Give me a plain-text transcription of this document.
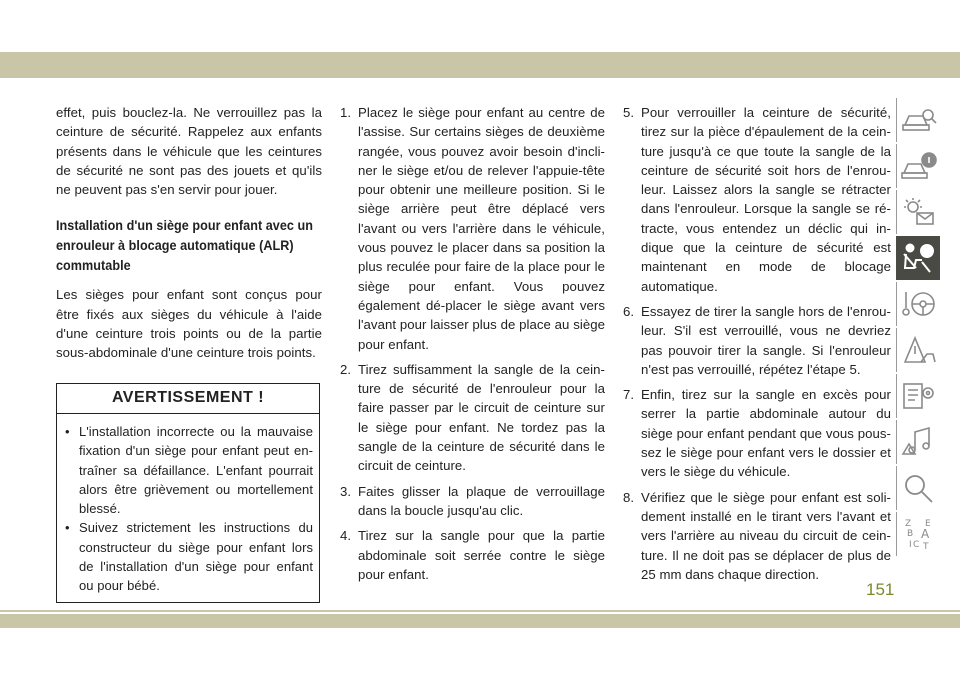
effet, puis bouclez-la. Ne verrouillez pas la ceinture de sécurité. Rappelez aux enfants présents dans le véhicule que les ceintures de sécurité ne sont pas des jouets et qu'ils ne peuvent pas s'en servir pour jouer.

Installation d'un siège pour enfant avec un enrouleur à blocage automatique (ALR) commutable

Les sièges pour enfant sont conçus pour être fixés aux sièges du véhicule à l'aide d'une ceinture trois points ou de la partie sous-abdominale d'une ceinture trois points.

AVERTISSEMENT !
• L'installation incorrecte ou la mauvaise fixation d'un siège pour enfant peut en-traîner sa défaillance. L'enfant pourrait alors être grièvement ou mortellement blessé.
• Suivez strictement les instructions du constructeur du siège pour enfant lors de l'installation d'un siège pour enfant ou pour bébé.
1. Placez le siège pour enfant au centre de l'assise. Sur certains sièges de deuxième rangée, vous pouvez avoir besoin d'incli-ner le siège et/ou de relever l'appuie-tête pour obtenir une meilleure position. Si le siège arrière peut être déplacé vers l'avant ou vers l'arrière dans le véhicule, vous pouvez le placer dans sa position la plus reculée pour faire de la place pour le siège pour enfant. Vous pouvez également dé-placer le siège avant vers l'avant pour laisser plus de place au siège pour enfant.
2. Tirez suffisamment la sangle de la cein-ture de sécurité de l'enrouleur pour la faire passer par le circuit de ceinture sur le siège pour enfant. Ne tordez pas la sangle de la ceinture de sécurité dans le circuit de ceinture.
3. Faites glisser la plaque de verrouillage dans la boucle jusqu'au clic.
4. Tirez sur la sangle pour que la partie abdominale soit serrée contre le siège pour enfant.
5. Pour verrouiller la ceinture de sécurité, tirez sur la pièce d'épaulement de la cein-ture jusqu'à ce que toute la sangle de la ceinture de sécurité soit hors de l'enrou-leur. Laissez alors la sangle se rétracter dans l'enrouleur. Lorsque la sangle se ré-tracte, vous entendez un déclic qui in-dique que la ceinture de sécurité est maintenant en mode de blocage automatique.
6. Essayez de tirer la sangle hors de l'enrou-leur. S'il est verrouillé, vous ne devriez pas pouvoir tirer la sangle. Si l'enrouleur n'est pas verrouillé, répétez l'étape 5.
7. Enfin, tirez sur la sangle en excès pour serrer la partie abdominale autour du siège pour enfant pendant que vous pous-sez le siège pour enfant vers le dossier et vers le siège du véhicule.
8. Vérifiez que le siège pour enfant est soli-dement installé en le tirant vers l'avant et vers l'arrière au niveau du circuit de cein-ture. Il ne doit pas se déplacer de plus de 25 mm dans chaque direction.
Z E
B A
I C T
151
